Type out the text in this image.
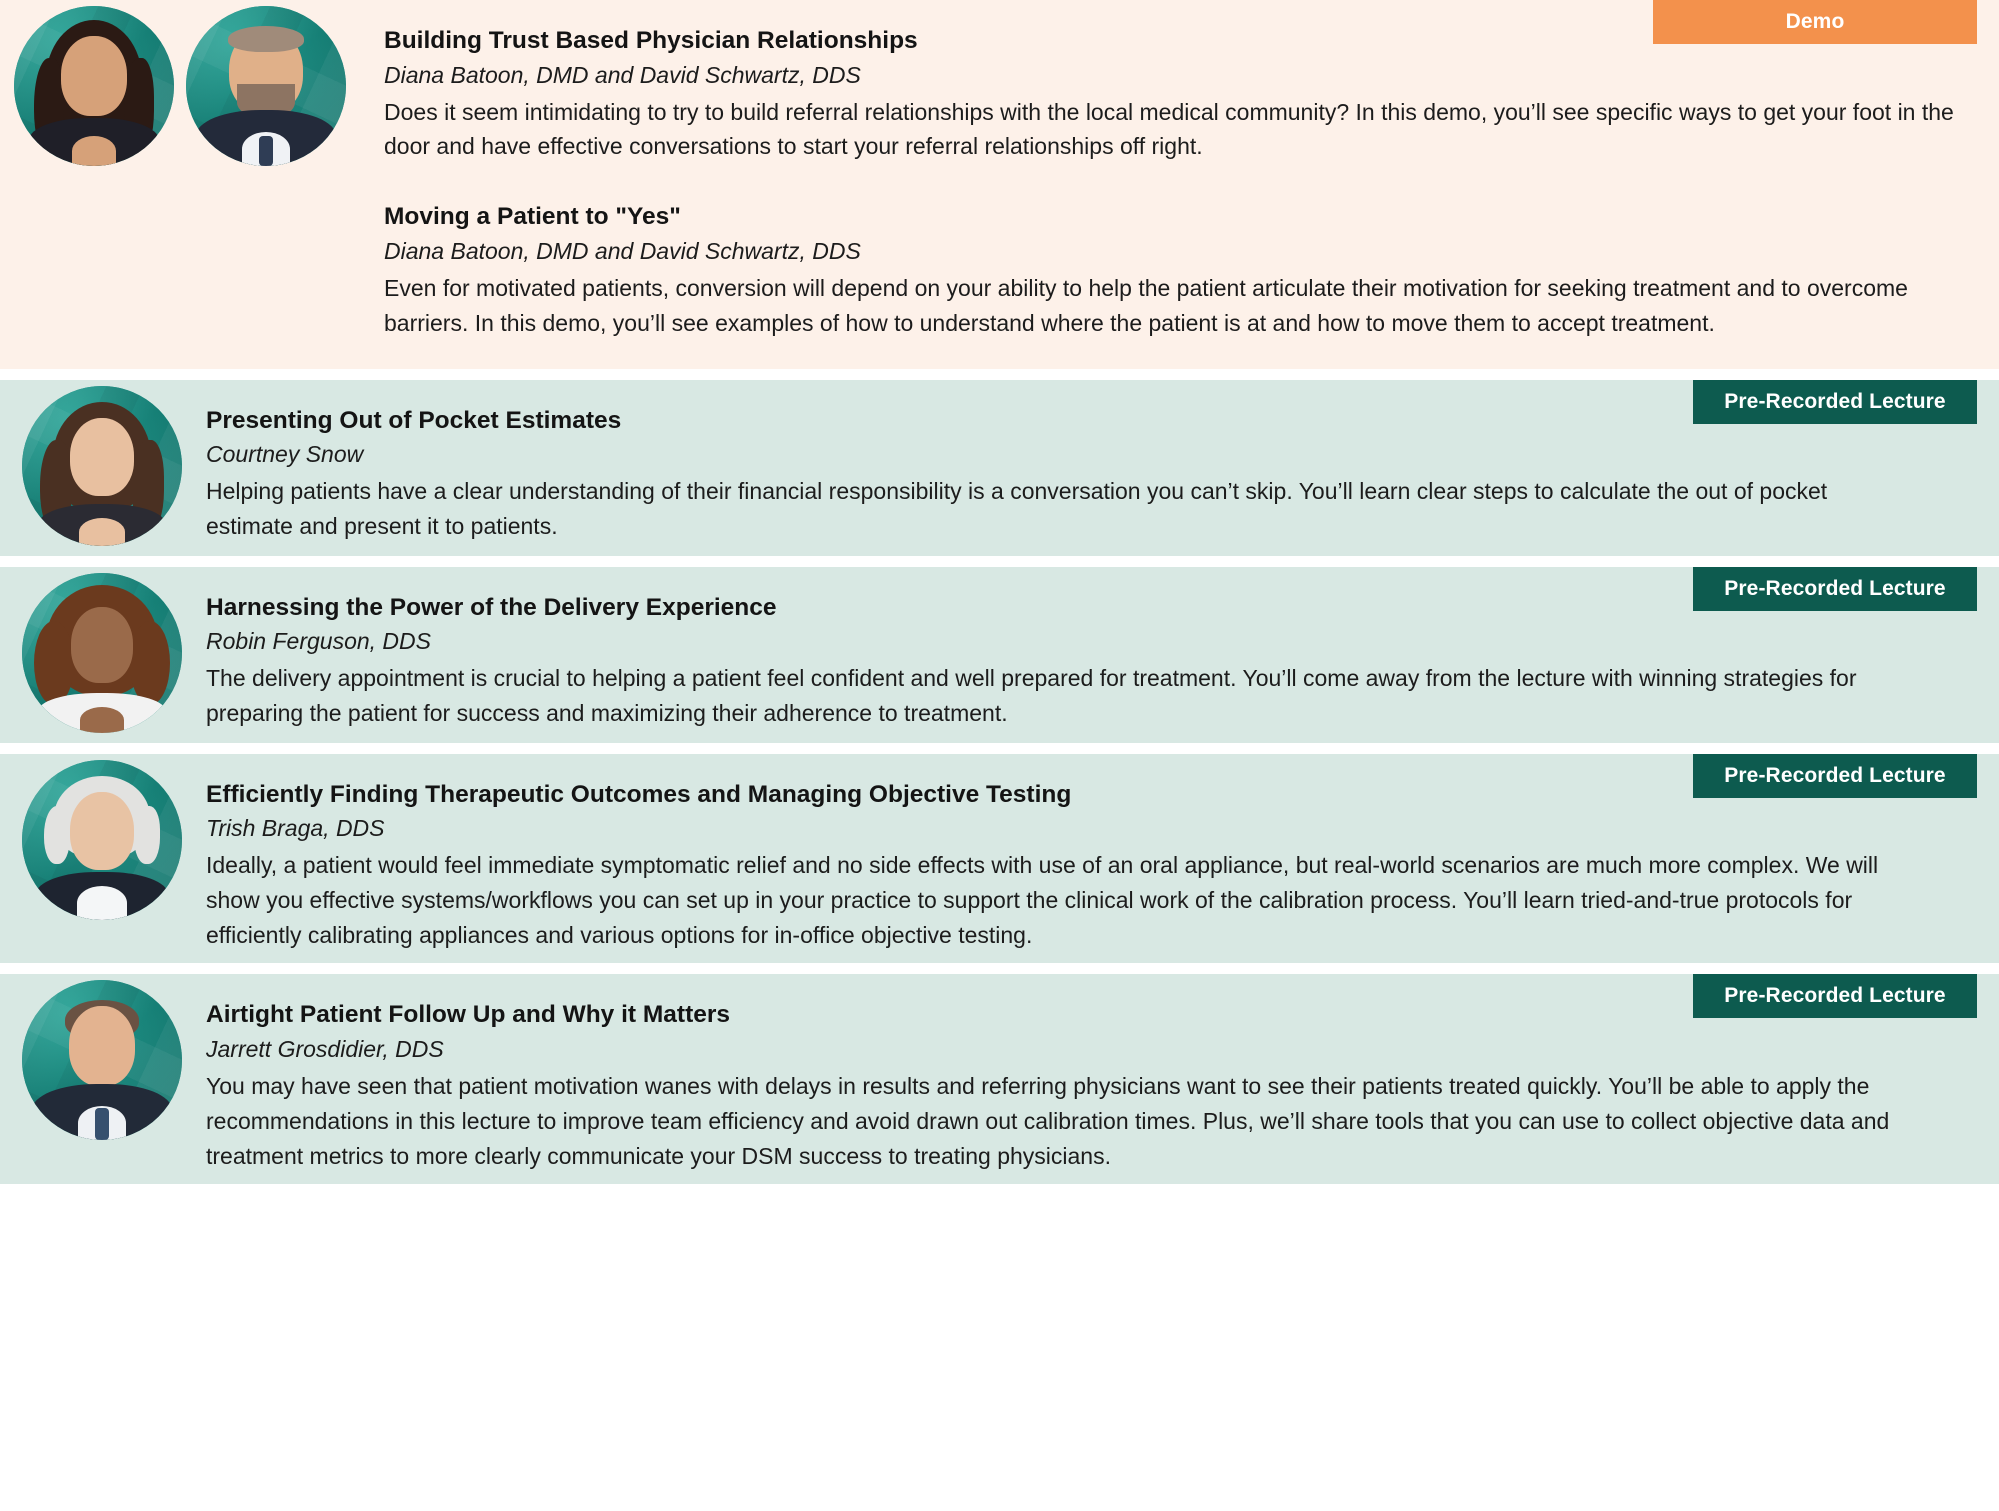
Demo
Building Trust Based Physician Relationships
Diana Batoon, DMD and David Schwartz, DDS
Does it seem intimidating to try to build referral relationships with the local medical community? In this demo, you’ll see specific ways to get your foot in the door and have effective conversations to start your referral relationships off right.
Moving a Patient to "Yes"
Diana Batoon, DMD and David Schwartz, DDS
Even for motivated patients, conversion will depend on your ability to help the patient articulate their motivation for seeking treatment and to overcome barriers. In this demo, you’ll see examples of how to understand where the patient is at and how to move them to accept treatment.
Pre-Recorded Lecture
Presenting Out of Pocket Estimates
Courtney Snow
Helping patients have a clear understanding of their financial responsibility is a conversation you can’t skip. You’ll learn clear steps to calculate the out of pocket estimate and present it to patients.
Pre-Recorded Lecture
Harnessing the Power of the Delivery Experience
Robin Ferguson, DDS
The delivery appointment is crucial to helping a patient feel confident and well prepared for treatment. You’ll come away from the lecture with winning strategies for preparing the patient for success and maximizing their adherence to treatment.
Pre-Recorded Lecture
Efficiently Finding Therapeutic Outcomes and Managing Objective Testing
Trish Braga, DDS
Ideally, a patient would feel immediate symptomatic relief and no side effects with use of an oral appliance, but real-world scenarios are much more complex. We will show you effective systems/workflows you can set up in your practice to support the clinical work of the calibration process. You’ll learn tried-and-true protocols for efficiently calibrating appliances and various options for in-office objective testing.
Pre-Recorded Lecture
Airtight Patient Follow Up and Why it Matters
Jarrett Grosdidier, DDS
You may have seen that patient motivation wanes with delays in results and referring physicians want to see their patients treated quickly. You’ll be able to apply the recommendations in this lecture to improve team efficiency and avoid drawn out calibration times. Plus, we’ll share tools that you can use to collect objective data and treatment metrics to more clearly communicate your DSM success to treating physicians.
